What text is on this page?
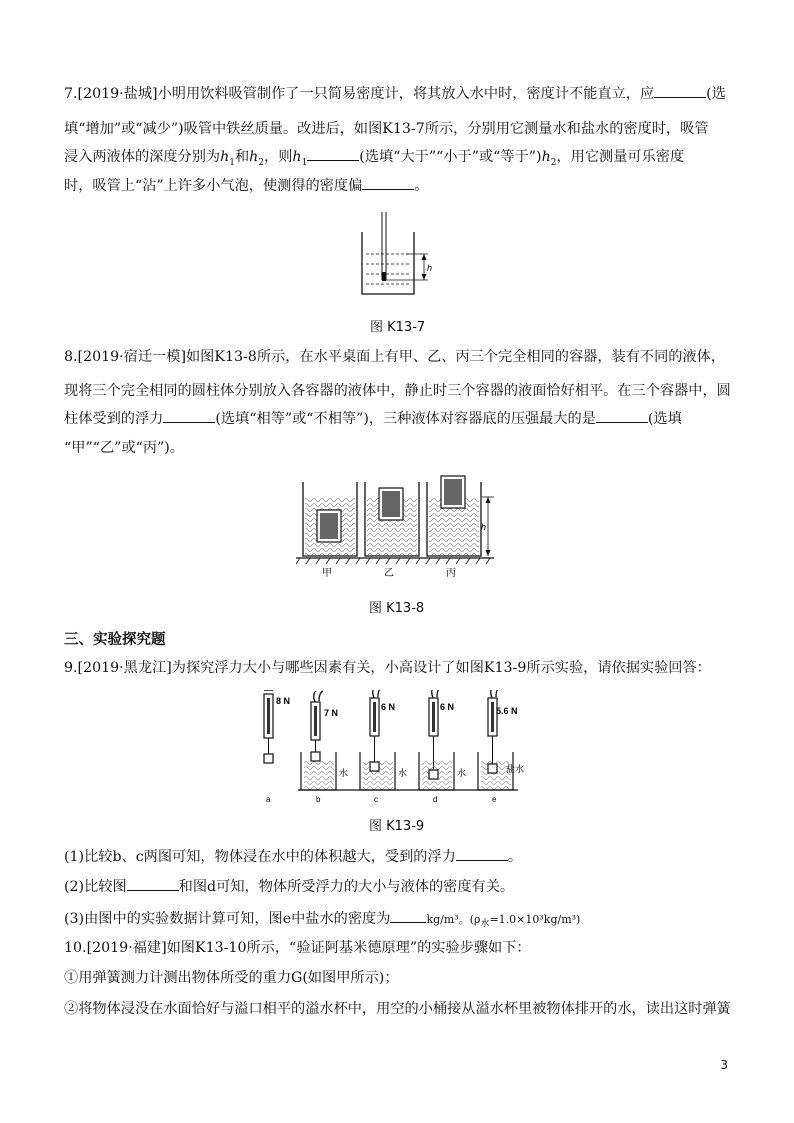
7.[2019·盐城]小明用饮料吸管制作了一只简易密度计，将其放入水中时，密度计不能直立，应	(选
填“增加”或“减少”)吸管中铁丝质量。改进后，如图K13-7所示，分别用它测量水和盐水的密度时，吸管
浸入两液体的深度分别为$h_1$和$h_2$，则$h_1$	(选填“大于”“小于”或“等于$”)h_2$，用它测量可乐密度
时，吸管上“沾”上许多小气泡，使测得的密度偏	。
h
图 K13-7
8.[2019·宿迁一模]如图K13-8所示，在水平桌面上有甲、乙、丙三个完全相同的容器，装有不同的液体，
现将三个完全相同的圆柱体分别放入各容器的液体中，静止时三个容器的液面恰好相平。在三个容器中，圆
柱体受到的浮力	(选填“相等”或“不相等”)，三种液体对容器底的压强最大的是	(选填
“甲”“乙”或“丙”)。
h
甲	乙	丙
图 K13-8
三、实验探究题
9.[2019·黑龙江]为探究浮力大小与哪些因素有关，小高设计了如图K13-9所示实验，请依据实验回答：
8 N
a
7 N
水
b
6 N
水
c
6 N
水
d
5.6 N
盐水
e
图 K13-9
(1)比较b、c两图可知，物体浸在水中的体积越大，受到的浮力	。
(2)比较图	和图d可知，物体所受浮力的大小与液体的密度有关。
(3)由图中的实验数据计算可知，图e中盐水的密度为	kg/m³。$(\rho_水=1.0\times 10^3kg/m^3)$
10.[2019·福建]如图K13-10所示，“验证阿基米德原理”的实验步骤如下：
①用弹簧测力计测出物体所受的重力G(如图甲所示)；
②将物体浸没在水面恰好与溢口相平的溢水杯中，用空的小桶接从溢水杯里被物体排开的水，读出这时弹簧
3
